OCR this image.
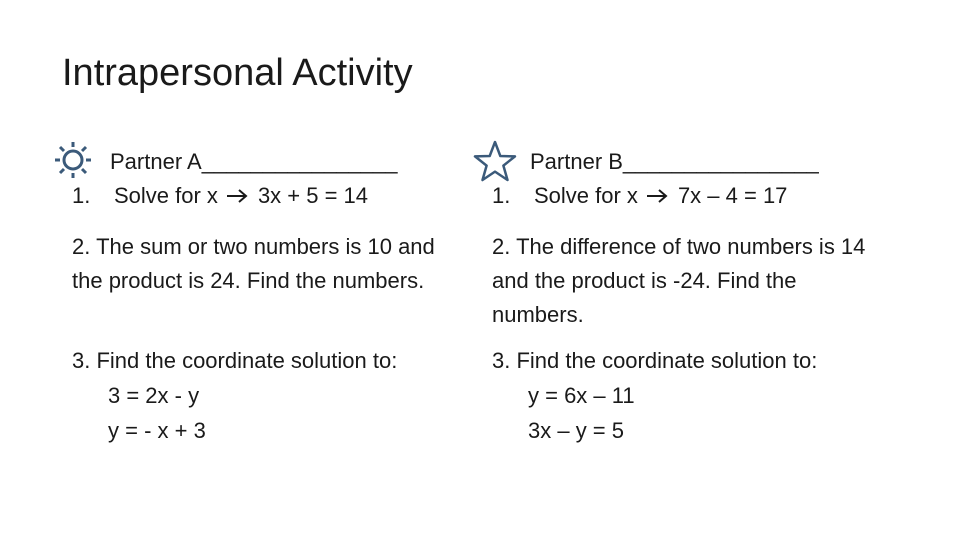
Intrapersonal Activity
Partner A________________
1. Solve for x 3x + 5 = 14
2. The sum or two numbers is 10 and the product is 24. Find the numbers.
3. Find the coordinate solution to:
3 = 2x - y
y = - x + 3
Partner B________________
1. Solve for x 7x – 4 = 17
2. The difference of two numbers is 14 and the product is -24. Find the numbers.
3. Find the coordinate solution to:
y = 6x – 11
3x – y = 5
